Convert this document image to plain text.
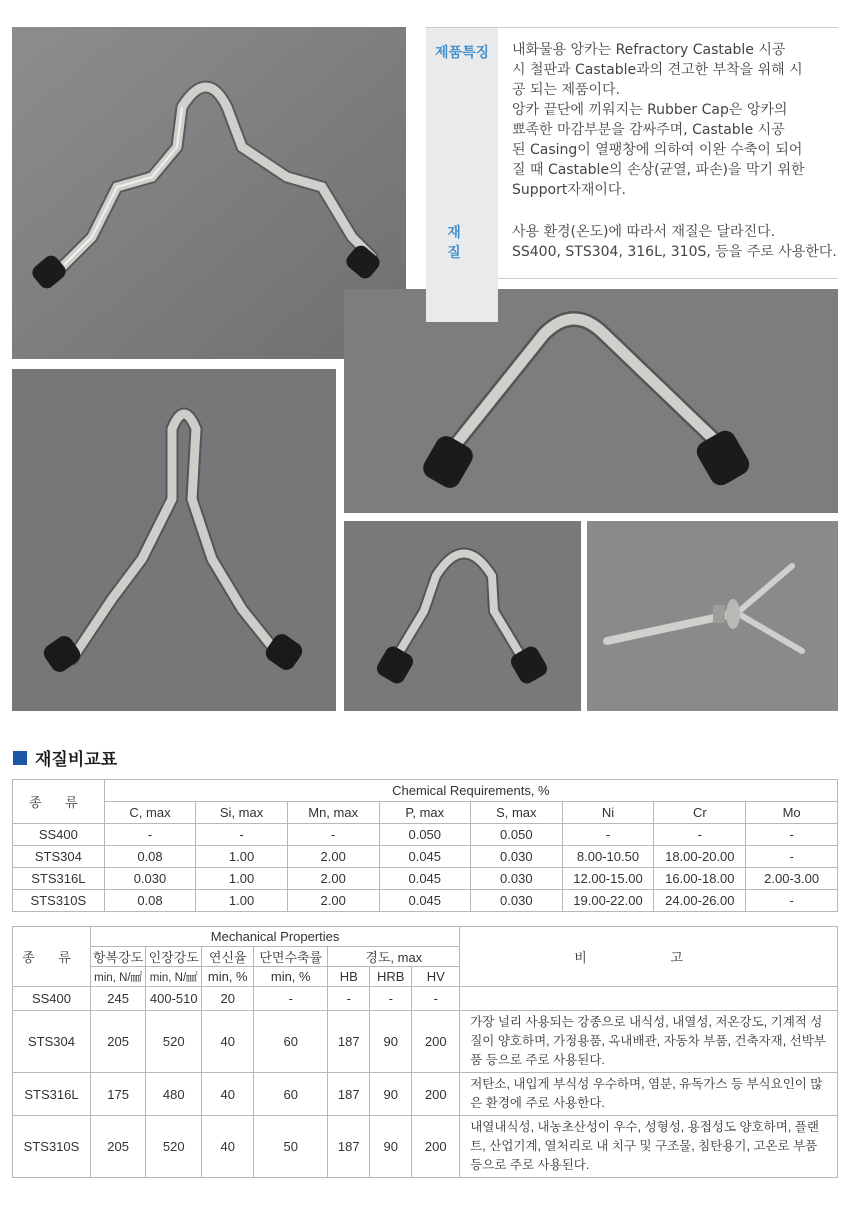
제품특징	내화물용 앙카는 Refractory Castable 시공
시 철판과 Castable과의 견고한 부착을 위해 시
공 되는 제품이다.
앙카 끝단에 끼워지는 Rubber Cap은 앙카의
뾰족한 마감부분을 감싸주며, Castable 시공
된 Casing이 열팽창에 의하여 이완 수축이 되어
질 때 Castable의 손상(균열, 파손)을 막기 위한
Support자재이다.
재질
사용 환경(온도)에 따라서 재질은 달라진다.
SS400, STS304, 316L, 310S, 등을 주로 사용한다.
재질비교표
종 류	Chemical Requirements, %							
	C, max	Si, max	Mn, max	P, max	S, max	Ni	Cr	Mo
SS400	-	-	-	0.050	0.050	-	-	-
STS304	0.08	1.00	2.00	0.045	0.030	8.00-10.50	18.00-20.00	-
STS316L	0.030	1.00	2.00	0.045	0.030	12.00-15.00	16.00-18.00	2.00-3.00
STS310S	0.08	1.00	2.00	0.045	0.030	19.00-22.00	24.00-26.00	-
종 류	Mechanical Properties							비 고
	항복강도	인장강도	연신율	단면수축률	경도, max			
	min, N/㎟	min, N/㎟	min, %	min, %	HB	HRB	HV	
SS400	245	400-510	20	-	-	-	-	
STS304	205	520	40	60	187	90	200	가장 널리 사용되는 강종으로 내식성, 내열성, 저온강도, 기계적 성질이 양호하며, 가정용품, 옥내배관, 자동차 부품, 건축자재, 선박부품 등으로 주로 사용된다.
STS316L	175	480	40	60	187	90	200	저탄소, 내입게 부식성 우수하며, 염분, 유독가스 등 부식요인이 많은 환경에 주로 사용한다.
STS310S	205	520	40	50	187	90	200	내열내식성, 내농초산성이 우수, 성형성, 용접성도 양호하며, 플랜트, 산업기계, 열처리로 내 치구 및 구조물, 침탄용기, 고온로 부품 등으로 주로 사용된다.
